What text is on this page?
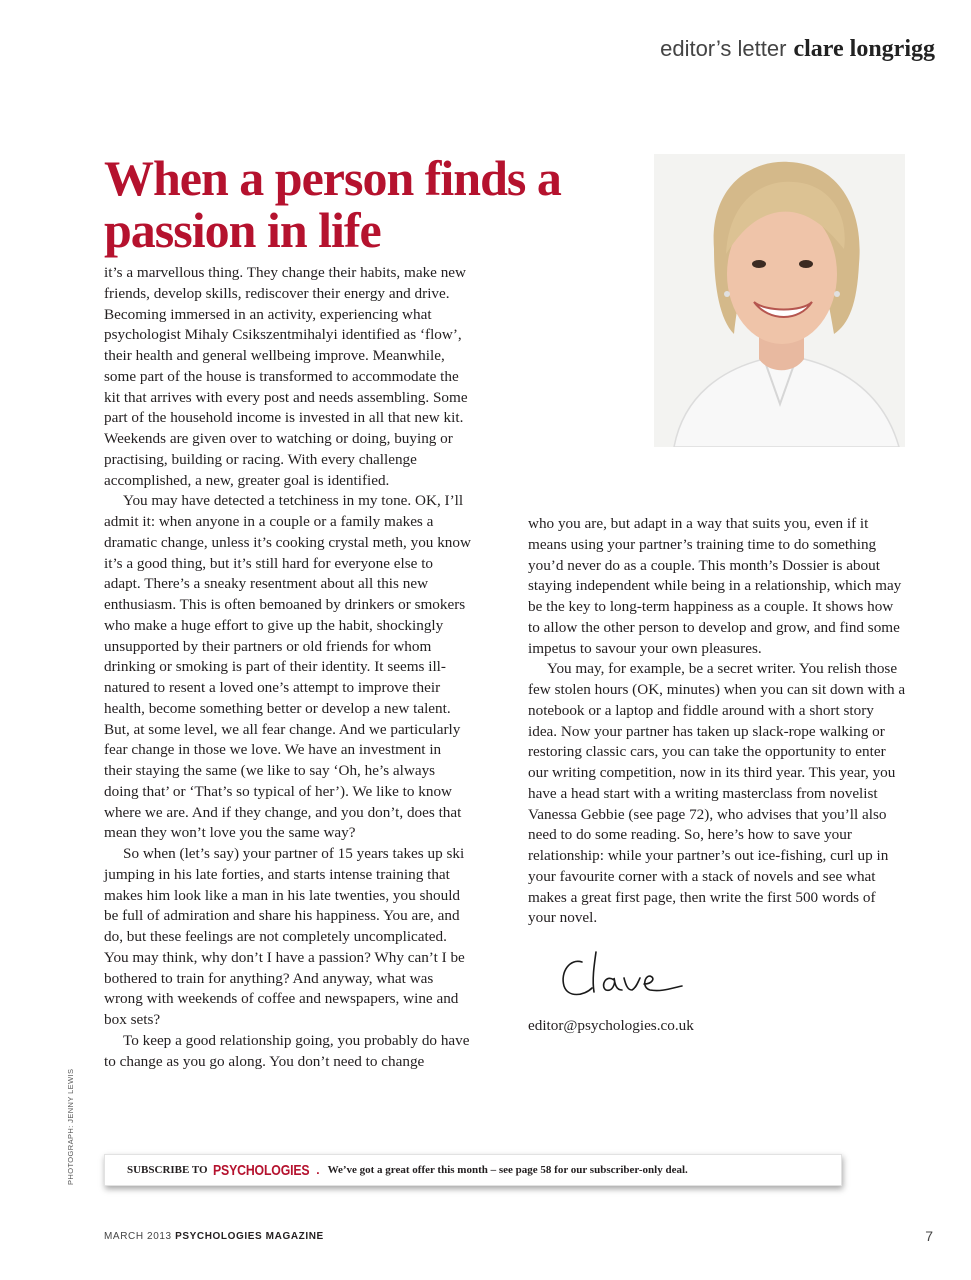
editor’s letter clare longrigg
When a person finds a passion in life

it’s a marvellous thing. They change their habits, make new friends, develop skills, rediscover their energy and drive. Becoming immersed in an activity, experiencing what psychologist Mihaly Csikszentmihalyi identified as ‘flow’, their health and general wellbeing improve. Meanwhile, some part of the house is transformed to accommodate the kit that arrives with every post and needs assembling. Some part of the household income is invested in all that new kit. Weekends are given over to watching or doing, buying or practising, building or racing. With every challenge accomplished, a new, greater goal is identified.

You may have detected a tetchiness in my tone. OK, I’ll admit it: when anyone in a couple or a family makes a dramatic change, unless it’s cooking crystal meth, you know it’s a good thing, but it’s still hard for everyone else to adapt. There’s a sneaky resentment about all this new enthusiasm. This is often bemoaned by drinkers or smokers who make a huge effort to give up the habit, shockingly unsupported by their partners or old friends for whom drinking or smoking is part of their identity. It seems ill-natured to resent a loved one’s attempt to improve their health, become something better or develop a new talent. But, at some level, we all fear change. And we particularly fear change in those we love. We have an investment in their staying the same (we like to say ‘Oh, he’s always doing that’ or ‘That’s so typical of her’). We like to know where we are. And if they change, and you don’t, does that mean they won’t love you the same way?

So when (let’s say) your partner of 15 years takes up ski jumping in his late forties, and starts intense training that makes him look like a man in his late twenties, you should be full of admiration and share his happiness. You are, and do, but these feelings are not completely uncomplicated. You may think, why don’t I have a passion? Why can’t I be bothered to train for anything? And anyway, what was wrong with weekends of coffee and newspapers, wine and box sets?

To keep a good relationship going, you probably do have to change as you go along. You don’t need to change

who you are, but adapt in a way that suits you, even if it means using your partner’s training time to do something you’d never do as a couple. This month’s Dossier is about staying independent while being in a relationship, which may be the key to long-term happiness as a couple. It shows how to allow the other person to develop and grow, and find some impetus to savour your own pleasures.

You may, for example, be a secret writer. You relish those few stolen hours (OK, minutes) when you can sit down with a notebook or a laptop and fiddle around with a short story idea. Now your partner has taken up slack-rope walking or restoring classic cars, you can take the opportunity to enter our writing competition, now in its third year. This year, you have a head start with a writing masterclass from novelist Vanessa Gebbie (see page 72), who advises that you’ll also need to do some reading. So, here’s how to save your relationship: while your partner’s out ice-fishing, curl up in your favourite corner with a stack of novels and see what makes a great first page, then write the first 500 words of your novel.

editor@psychologies.co.uk
PHOTOGRAPH: JENNY LEWIS	SUBSCRIBE TO PSYCHOLOGIES . We’ve got a great offer this month – see page 58 for our subscriber-only deal.
MARCH 2013 PSYCHOLOGIES MAGAZINE	7
